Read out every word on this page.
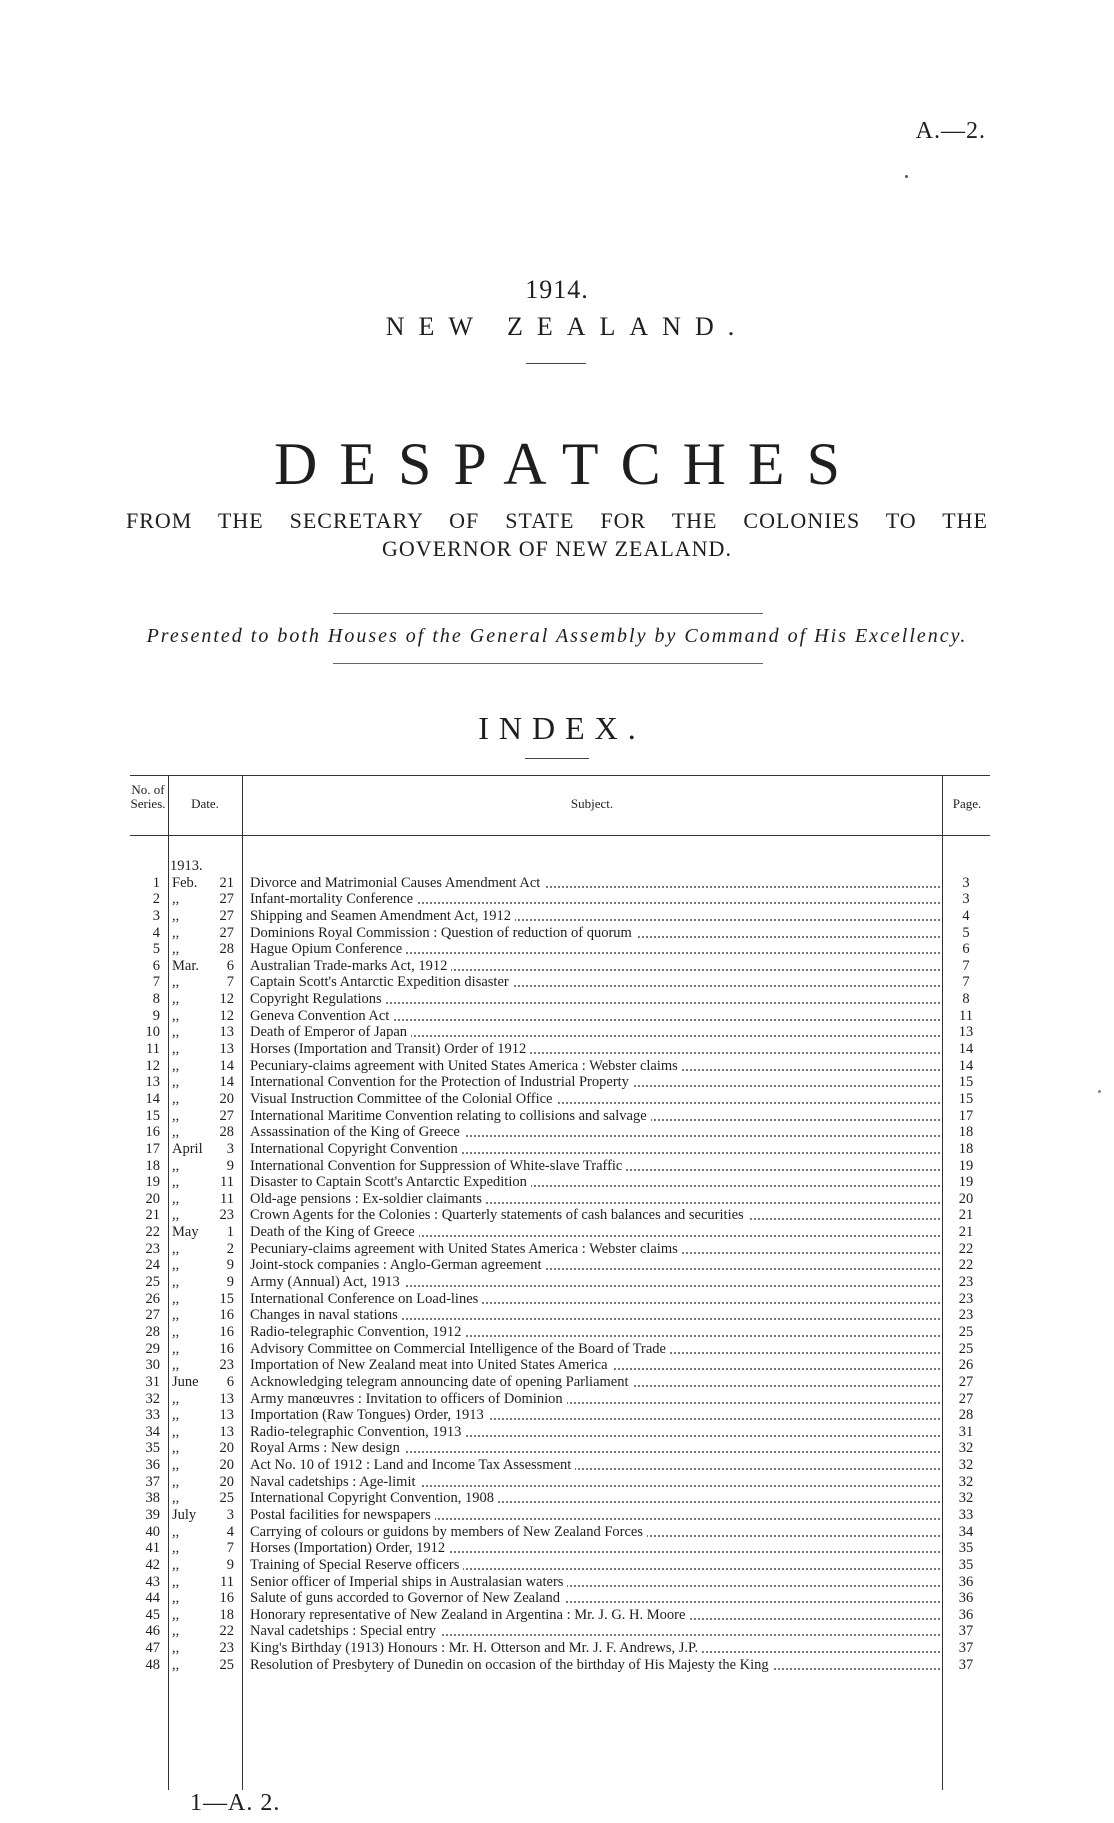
A.—2.
1914.
NEW ZEALAND.
DESPATCHES
FROM THE SECRETARY OF STATE FOR THE COLONIES TO THE
GOVERNOR OF NEW ZEALAND.
Presented to both Houses of the General Assembly by Command of His Excellency.
INDEX.
No. of Series.	Date.	Subject.	Page.
1913.
1 Feb.	21 Divorce and Matrimonial Causes Amendment Act	3
2 ,,	27 Infant-mortality Conference	3
3 ,,	27 Shipping and Seamen Amendment Act, 1912	4
4 ,,	27 Dominions Royal Commission : Question of reduction of quorum	5
5 ,,	28 Hague Opium Conference	6
6 Mar.	6 Australian Trade-marks Act, 1912	7
7 ,,	7 Captain Scott's Antarctic Expedition disaster	7
8 ,,	12 Copyright Regulations	8
9 ,,	12 Geneva Convention Act	11
10 ,,	13 Death of Emperor of Japan	13
11 ,,	13 Horses (Importation and Transit) Order of 1912	14
12 ,,	14 Pecuniary-claims agreement with United States America : Webster claims	14
13 ,,	14 International Convention for the Protection of Industrial Property	15
14 ,,	20 Visual Instruction Committee of the Colonial Office	15
15 ,,	27 International Maritime Convention relating to collisions and salvage	17
16 ,,	28 Assassination of the King of Greece	18
17 April	3 International Copyright Convention	18
18 ,,	9 International Convention for Suppression of White-slave Traffic	19
19 ,,	11 Disaster to Captain Scott's Antarctic Expedition	19
20 ,,	11 Old-age pensions : Ex-soldier claimants	20
21 ,,	23 Crown Agents for the Colonies : Quarterly statements of cash balances and securities	21
22 May	1 Death of the King of Greece	21
23 ,,	2 Pecuniary-claims agreement with United States America : Webster claims	22
24 ,,	9 Joint-stock companies : Anglo-German agreement	22
25 ,,	9 Army (Annual) Act, 1913	23
26 ,,	15 International Conference on Load-lines	23
27 ,,	16 Changes in naval stations	23
28 ,,	16 Radio-telegraphic Convention, 1912	25
29 ,,	16 Advisory Committee on Commercial Intelligence of the Board of Trade	25
30 ,,	23 Importation of New Zealand meat into United States America	26
31 June	6 Acknowledging telegram announcing date of opening Parliament	27
32 ,,	13 Army manœuvres : Invitation to officers of Dominion	27
33 ,,	13 Importation (Raw Tongues) Order, 1913	28
34 ,,	13 Radio-telegraphic Convention, 1913	31
35 ,,	20 Royal Arms : New design	32
36 ,,	20 Act No. 10 of 1912 : Land and Income Tax Assessment	32
37 ,,	20 Naval cadetships : Age-limit	32
38 ,,	25 International Copyright Convention, 1908	32
39 July	3 Postal facilities for newspapers	33
40 ,,	4 Carrying of colours or guidons by members of New Zealand Forces	34
41 ,,	7 Horses (Importation) Order, 1912	35
42 ,,	9 Training of Special Reserve officers	35
43 ,,	11 Senior officer of Imperial ships in Australasian waters	36
44 ,,	16 Salute of guns accorded to Governor of New Zealand	36
45 ,,	18 Honorary representative of New Zealand in Argentina : Mr. J. G. H. Moore	36
46 ,,	22 Naval cadetships : Special entry	37
47 ,,	23 King's Birthday (1913) Honours : Mr. H. Otterson and Mr. J. F. Andrews, J.P.	37
48 ,,	25 Resolution of Presbytery of Dunedin on occasion of the birthday of His Majesty the King	37
1—A. 2.
